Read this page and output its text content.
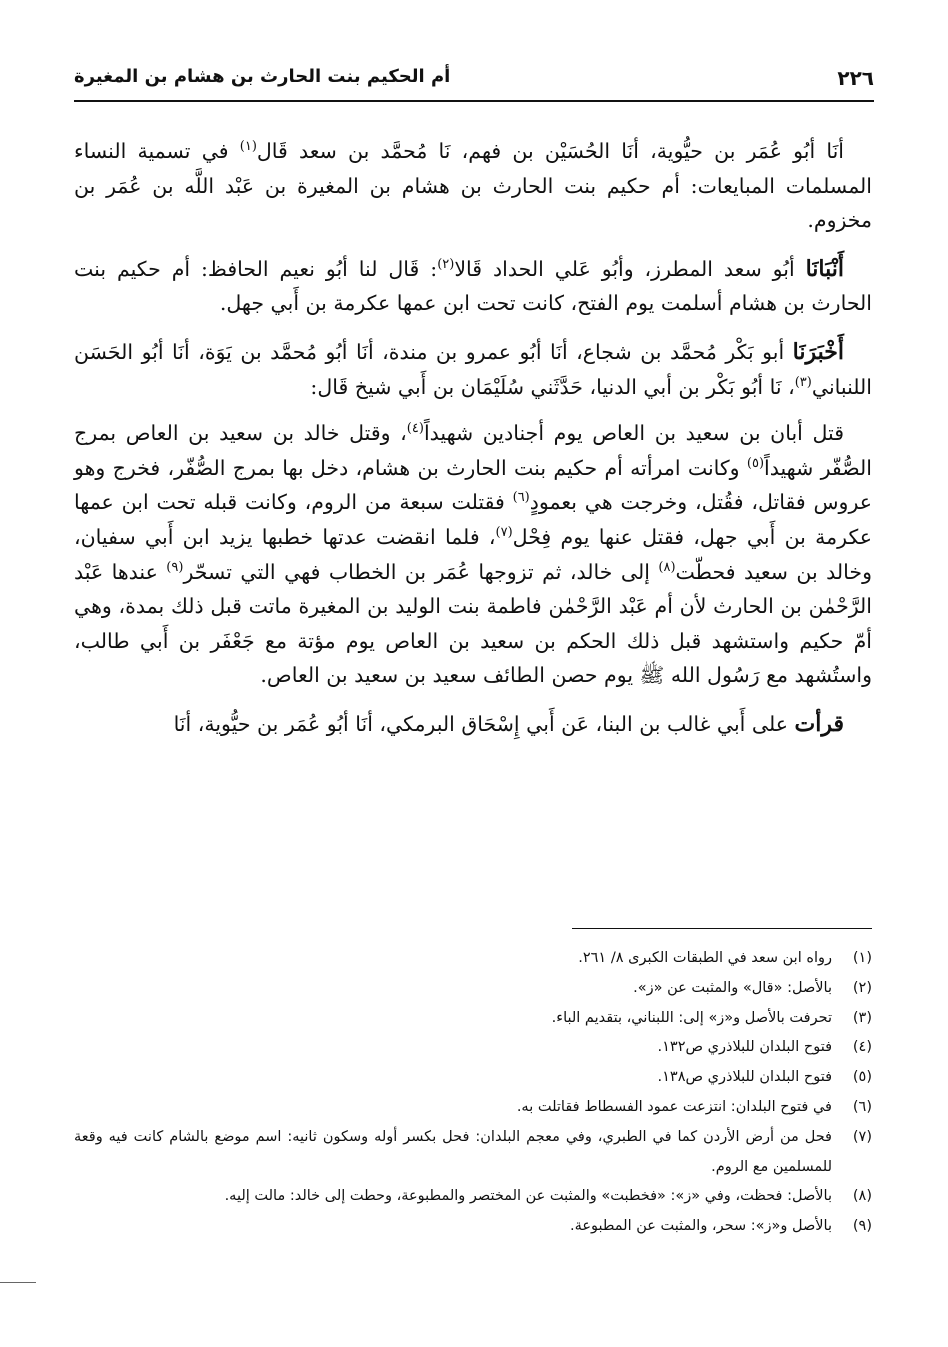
٢٢٦
أم الحكيم بنت الحارث بن هشام بن المغيرة

أنَا أبُو عُمَر بن حيُّوية، أنَا الحُسَيْن بن فهم، نَا مُحمَّد بن سعد قَال$^{(١)}$ في تسمية النساء المسلمات المبايعات: أم حكيم بنت الحارث بن هشام بن المغيرة بن عَبْد اللَّه بن عُمَر بن مخزوم.

أَنْبَانَا أبُو سعد المطرز، وأبُو عَلي الحداد قَالا$^{(٢)}$: قَال لنا أبُو نعيم الحافظ: أم حكيم بنت الحارث بن هشام أسلمت يوم الفتح، كانت تحت ابن عمها عكرمة بن أَبي جهل.

أَخْبَرَنَا أبو بَكْر مُحمَّد بن شجاع، أنَا أبُو عمرو بن مندة، أنَا أبُو مُحمَّد بن يَوَة، أنَا أبُو الحَسَن اللنباني$^{(٣)}$، نَا أبُو بَكْر بن أبي الدنيا، حَدَّثَني سُلَيْمَان بن أَبي شيخ قَال:

قتل أبان بن سعيد بن العاص يوم أجنادين شهيداً$^{(٤)}$، وقتل خالد بن سعيد بن العاص بمرج الصُّفّر شهيداً$^{(٥)}$ وكانت امرأته أم حكيم بنت الحارث بن هشام، دخل بها بمرج الصُّفّر، فخرج وهو عروس فقاتل، فقُتل، وخرجت هي بعمودٍ$^{(٦)}$ فقتلت سبعة من الروم، وكانت قبله تحت ابن عمها عكرمة بن أَبي جهل، فقتل عنها يوم فِحْل$^{(٧)}$، فلما انقضت عدتها خطبها يزيد ابن أَبي سفيان، وخالد بن سعيد فحطّت$^{(٨)}$ إلى خالد، ثم تزوجها عُمَر بن الخطاب فهي التي تسحّر$^{(٩)}$ عندها عَبْد الرَّحْمٰن بن الحارث لأن أم عَبْد الرَّحْمٰن فاطمة بنت الوليد بن المغيرة ماتت قبل ذلك بمدة، وهي أمّ حكيم واستشهد قبل ذلك الحكم بن سعيد بن العاص يوم مؤتة مع جَعْفَر بن أَبي طالب، واستُشهد مع رَسُول الله ﷺ يوم حصن الطائف سعيد بن سعيد بن العاص.

قرأت على أَبي غالب بن البنا، عَن أَبي إِسْحَاق البرمكي، أنَا أبُو عُمَر بن حيُّوية، أنَا

(١)
رواه ابن سعد في الطبقات الكبرى ٨/ ٢٦١.
(٢)
بالأصل: «قال» والمثبت عن «ز».
(٣)
تحرفت بالأصل و«ز» إلى: اللبناني، بتقديم الباء.
(٤)
فتوح البلدان للبلاذري ص١٣٢.
(٥)
فتوح البلدان للبلاذري ص١٣٨.
(٦)
في فتوح البلدان: انتزعت عمود الفسطاط فقاتلت به.
(٧)
فحل من أرض الأردن كما في الطبري، وفي معجم البلدان: فحل بكسر أوله وسكون ثانيه: اسم موضع بالشام كانت فيه وقعة للمسلمين مع الروم.
(٨)
بالأصل: فحظت، وفي «ز»: «فخطبت» والمثبت عن المختصر والمطبوعة، وحطت إلى خالد: مالت إليه.
(٩)
بالأصل و«ز»: سحر، والمثبت عن المطبوعة.
